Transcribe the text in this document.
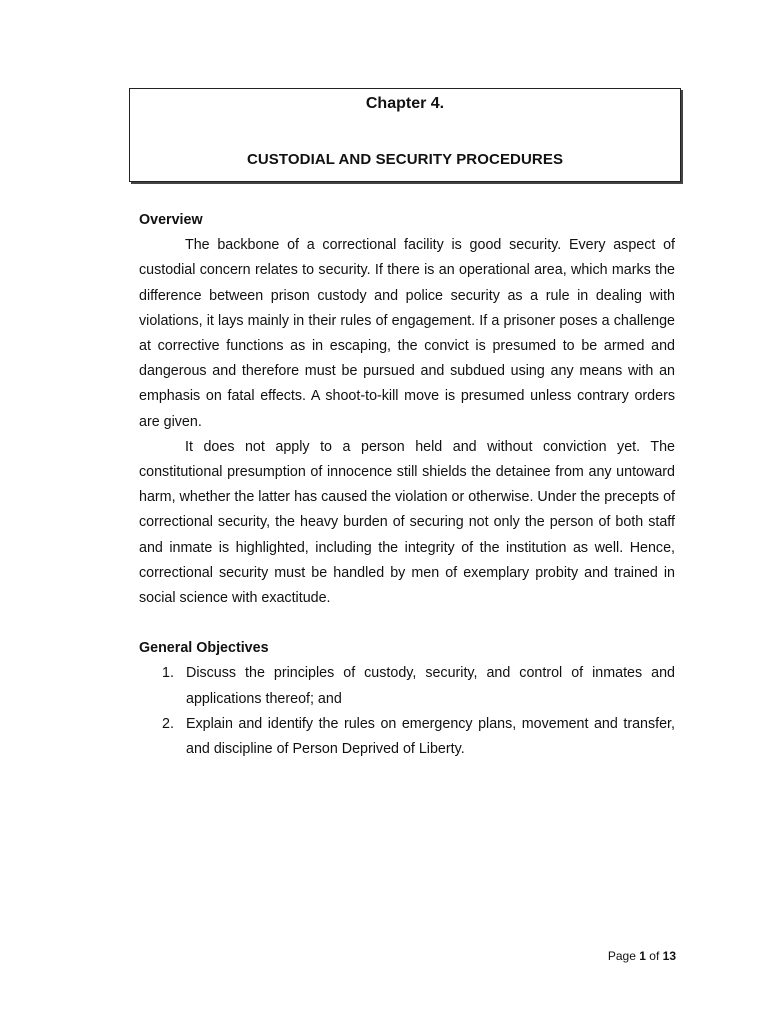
Chapter 4.
CUSTODIAL AND SECURITY PROCEDURES

Overview

The backbone of a correctional facility is good security. Every aspect of custodial concern relates to security. If there is an operational area, which marks the difference between prison custody and police security as a rule in dealing with violations, it lays mainly in their rules of engagement. If a prisoner poses a challenge at corrective functions as in escaping, the convict is presumed to be armed and dangerous and therefore must be pursued and subdued using any means with an emphasis on fatal effects. A shoot-to-kill move is presumed unless contrary orders are given.

It does not apply to a person held and without conviction yet. The constitutional presumption of innocence still shields the detainee from any untoward harm, whether the latter has caused the violation or otherwise. Under the precepts of correctional security, the heavy burden of securing not only the person of both staff and inmate is highlighted, including the integrity of the institution as well. Hence, correctional security must be handled by men of exemplary probity and trained in social science with exactitude.

General Objectives

1. Discuss the principles of custody, security, and control of inmates and applications thereof; and
2. Explain and identify the rules on emergency plans, movement and transfer, and discipline of Person Deprived of Liberty.
Page 1 of 13
